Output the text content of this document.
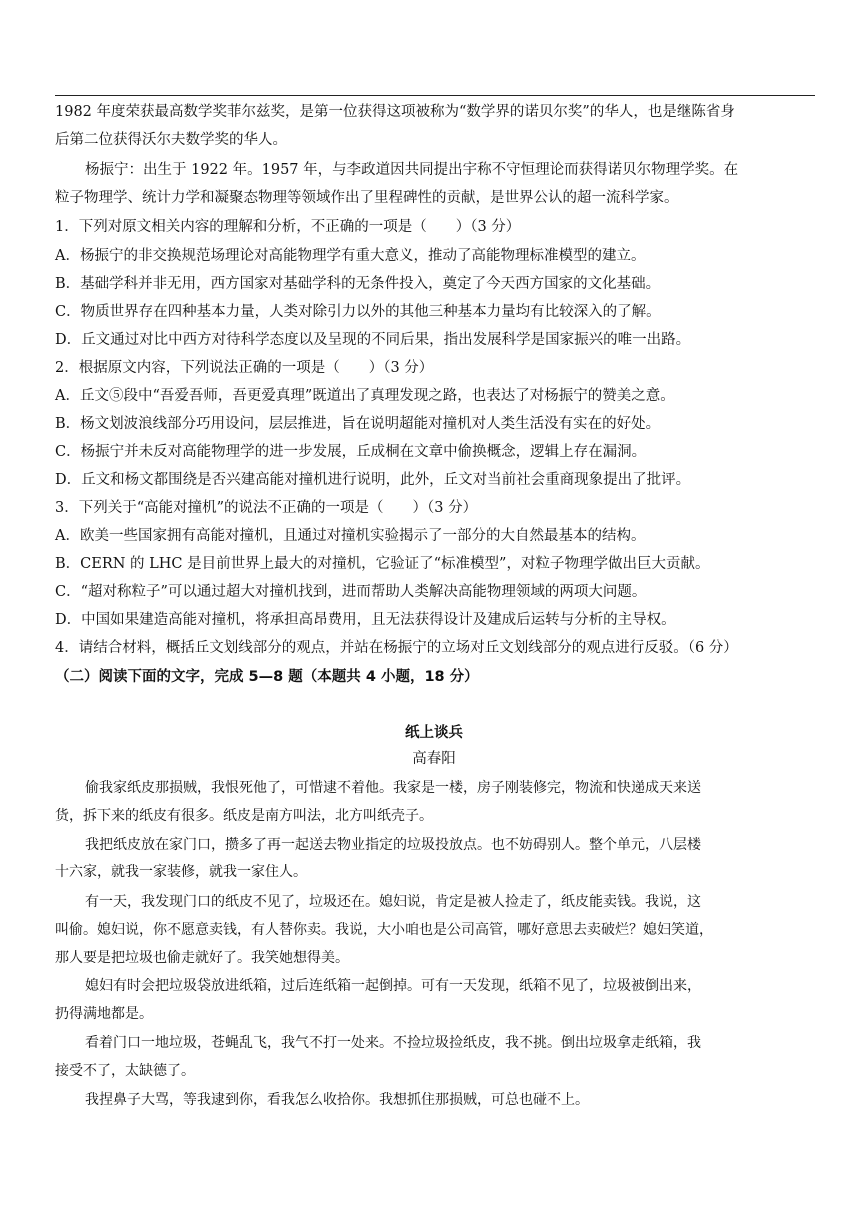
1982 年度荣获最高数学奖菲尔兹奖，是第一位获得这项被称为“数学界的诺贝尔奖”的华人，也是继陈省身
后第二位获得沃尔夫数学奖的华人。
杨振宁：出生于 1922 年。1957 年，与李政道因共同提出宇称不守恒理论而获得诺贝尔物理学奖。在
粒子物理学、统计力学和凝聚态物理等领域作出了里程碑性的贡献，是世界公认的超一流科学家。
1．下列对原文相关内容的理解和分析，不正确的一项是（　　）（3 分）
A．杨振宁的非交换规范场理论对高能物理学有重大意义，推动了高能物理标准模型的建立。
B．基础学科并非无用，西方国家对基础学科的无条件投入，奠定了今天西方国家的文化基础。
C．物质世界存在四种基本力量，人类对除引力以外的其他三种基本力量均有比较深入的了解。
D．丘文通过对比中西方对待科学态度以及呈现的不同后果，指出发展科学是国家振兴的唯一出路。
2．根据原文内容，下列说法正确的一项是（　　）（3 分）
A．丘文⑤段中“吾爱吾师，吾更爱真理”既道出了真理发现之路，也表达了对杨振宁的赞美之意。
B．杨文划波浪线部分巧用设问，层层推进，旨在说明超能对撞机对人类生活没有实在的好处。
C．杨振宁并未反对高能物理学的进一步发展，丘成桐在文章中偷换概念，逻辑上存在漏洞。
D．丘文和杨文都围绕是否兴建高能对撞机进行说明，此外，丘文对当前社会重商现象提出了批评。
3．下列关于“高能对撞机”的说法不正确的一项是（　　）（3 分）
A．欧美一些国家拥有高能对撞机，且通过对撞机实验揭示了一部分的大自然最基本的结构。
B．CERN 的 LHC 是目前世界上最大的对撞机，它验证了“标准模型”，对粒子物理学做出巨大贡献。
C．“超对称粒子”可以通过超大对撞机找到，进而帮助人类解决高能物理领域的两项大问题。
D．中国如果建造高能对撞机，将承担高昂费用，且无法获得设计及建成后运转与分析的主导权。
4．请结合材料，概括丘文划线部分的观点，并站在杨振宁的立场对丘文划线部分的观点进行反驳。（6 分）
（二）阅读下面的文字，完成 5—8 题（本题共 4 小题，18 分）
纸上谈兵
高春阳
偷我家纸皮那损贼，我恨死他了，可惜逮不着他。我家是一楼，房子刚装修完，物流和快递成天来送
货，拆下来的纸皮有很多。纸皮是南方叫法，北方叫纸壳子。
我把纸皮放在家门口，攒多了再一起送去物业指定的垃圾投放点。也不妨碍别人。整个单元，八层楼
十六家，就我一家装修，就我一家住人。
有一天，我发现门口的纸皮不见了，垃圾还在。媳妇说，肯定是被人捡走了，纸皮能卖钱。我说，这
叫偷。媳妇说，你不愿意卖钱，有人替你卖。我说，大小咱也是公司高管，哪好意思去卖破烂？媳妇笑道，
那人要是把垃圾也偷走就好了。我笑她想得美。
媳妇有时会把垃圾袋放进纸箱，过后连纸箱一起倒掉。可有一天发现，纸箱不见了，垃圾被倒出来，
扔得满地都是。
看着门口一地垃圾，苍蝇乱飞，我气不打一处来。不捡垃圾捡纸皮，我不挑。倒出垃圾拿走纸箱，我
接受不了，太缺德了。
我捏鼻子大骂，等我逮到你，看我怎么收拾你。我想抓住那损贼，可总也碰不上。
